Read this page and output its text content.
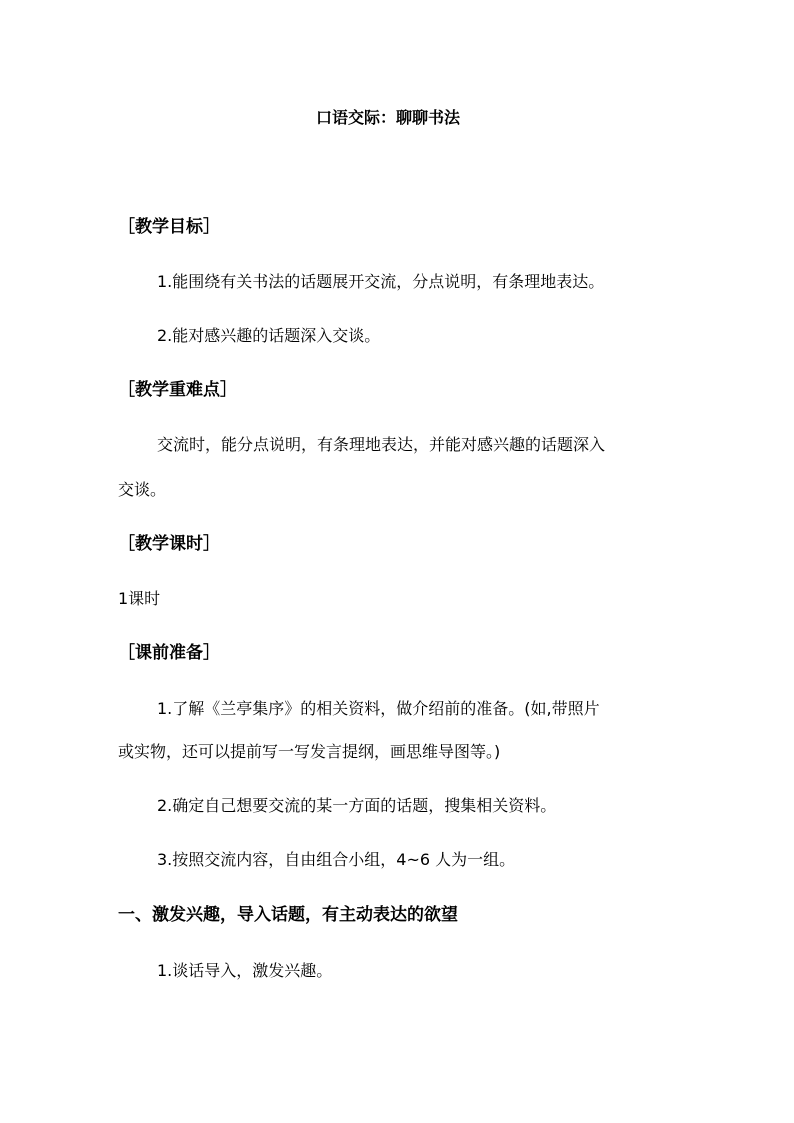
口语交际：聊聊书法
［教学目标］
1.能围绕有关书法的话题展开交流，分点说明，有条理地表达。
2.能对感兴趣的话题深入交谈。
［教学重难点］
交流时，能分点说明，有条理地表达，并能对感兴趣的话题深入
交谈。
［教学课时］
1课时
［课前准备］
1.了解《兰亭集序》的相关资料，做介绍前的准备。(如,带照片
或实物，还可以提前写一写发言提纲，画思维导图等。)
2.确定自己想要交流的某一方面的话题，搜集相关资料。
3.按照交流内容，自由组合小组，4~6 人为一组。
一、激发兴趣，导入话题，有主动表达的欲望
1.谈话导入，激发兴趣。
